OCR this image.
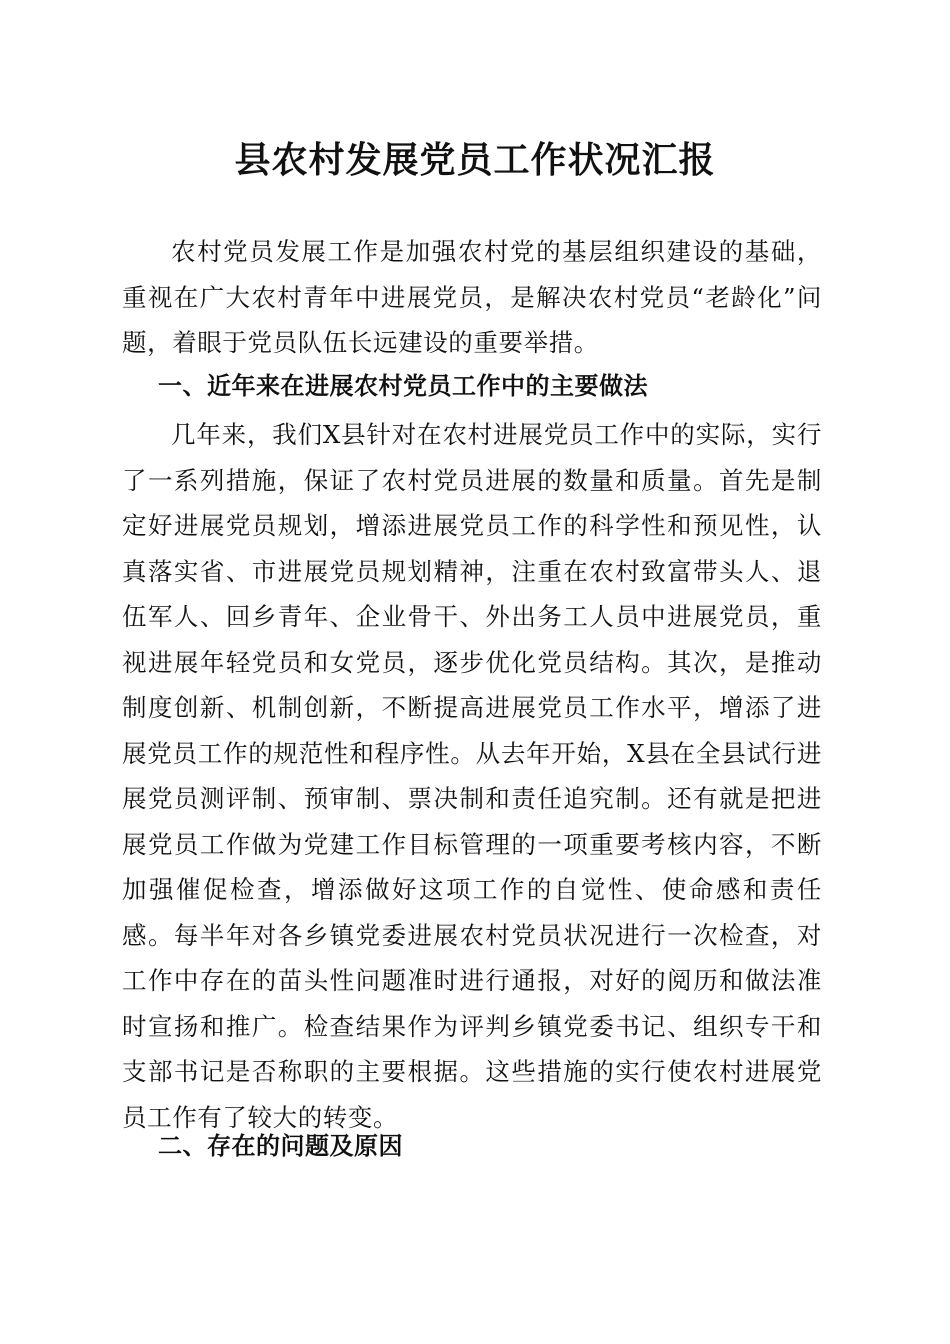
县农村发展党员工作状况汇报

农村党员发展工作是加强农村党的基层组织建设的基础，重视在广大农村青年中进展党员，是解决农村党员“老龄化”问题，着眼于党员队伍长远建设的重要举措。

一、近年来在进展农村党员工作中的主要做法

几年来，我们X县针对在农村进展党员工作中的实际，实行了一系列措施，保证了农村党员进展的数量和质量。首先是制定好进展党员规划，增添进展党员工作的科学性和预见性，认真落实省、市进展党员规划精神，注重在农村致富带头人、退伍军人、回乡青年、企业骨干、外出务工人员中进展党员，重视进展年轻党员和女党员，逐步优化党员结构。其次，是推动制度创新、机制创新，不断提高进展党员工作水平，增添了进展党员工作的规范性和程序性。从去年开始，X县在全县试行进展党员测评制、预审制、票决制和责任追究制。还有就是把进展党员工作做为党建工作目标管理的一项重要考核内容，不断加强催促检查，增添做好这项工作的自觉性、使命感和责任感。每半年对各乡镇党委进展农村党员状况进行一次检查，对工作中存在的苗头性问题准时进行通报，对好的阅历和做法准时宣扬和推广。检查结果作为评判乡镇党委书记、组织专干和支部书记是否称职的主要根据。这些措施的实行使农村进展党员工作有了较大的转变。

二、存在的问题及原因
